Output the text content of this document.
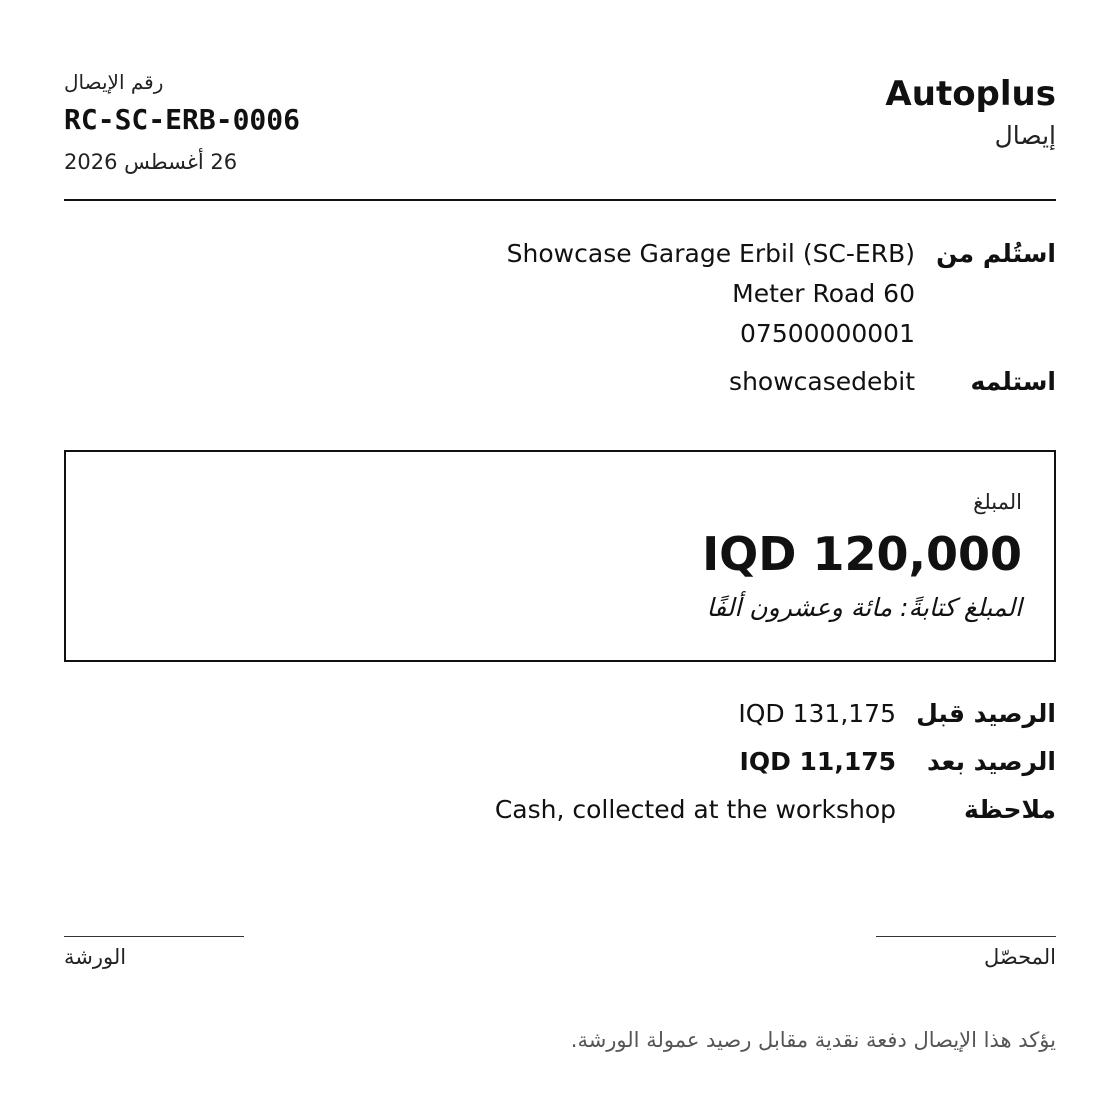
Autoplus
إيصال
رقم الإيصال
RC-SC-ERB-0006
26 أغسطس 2026
استُلم من
Showcase Garage Erbil (SC-ERB)
Meter Road 60
07500000001
استلمه
showcasedebit
المبلغ
IQD 120,000
المبلغ كتابةً: مائة وعشرون ألفًا
الرصيد قبل
IQD 131,175
الرصيد بعد
IQD 11,175
ملاحظة
Cash, collected at the workshop
المحصّل
الورشة
يؤكد هذا الإيصال دفعة نقدية مقابل رصيد عمولة الورشة.
